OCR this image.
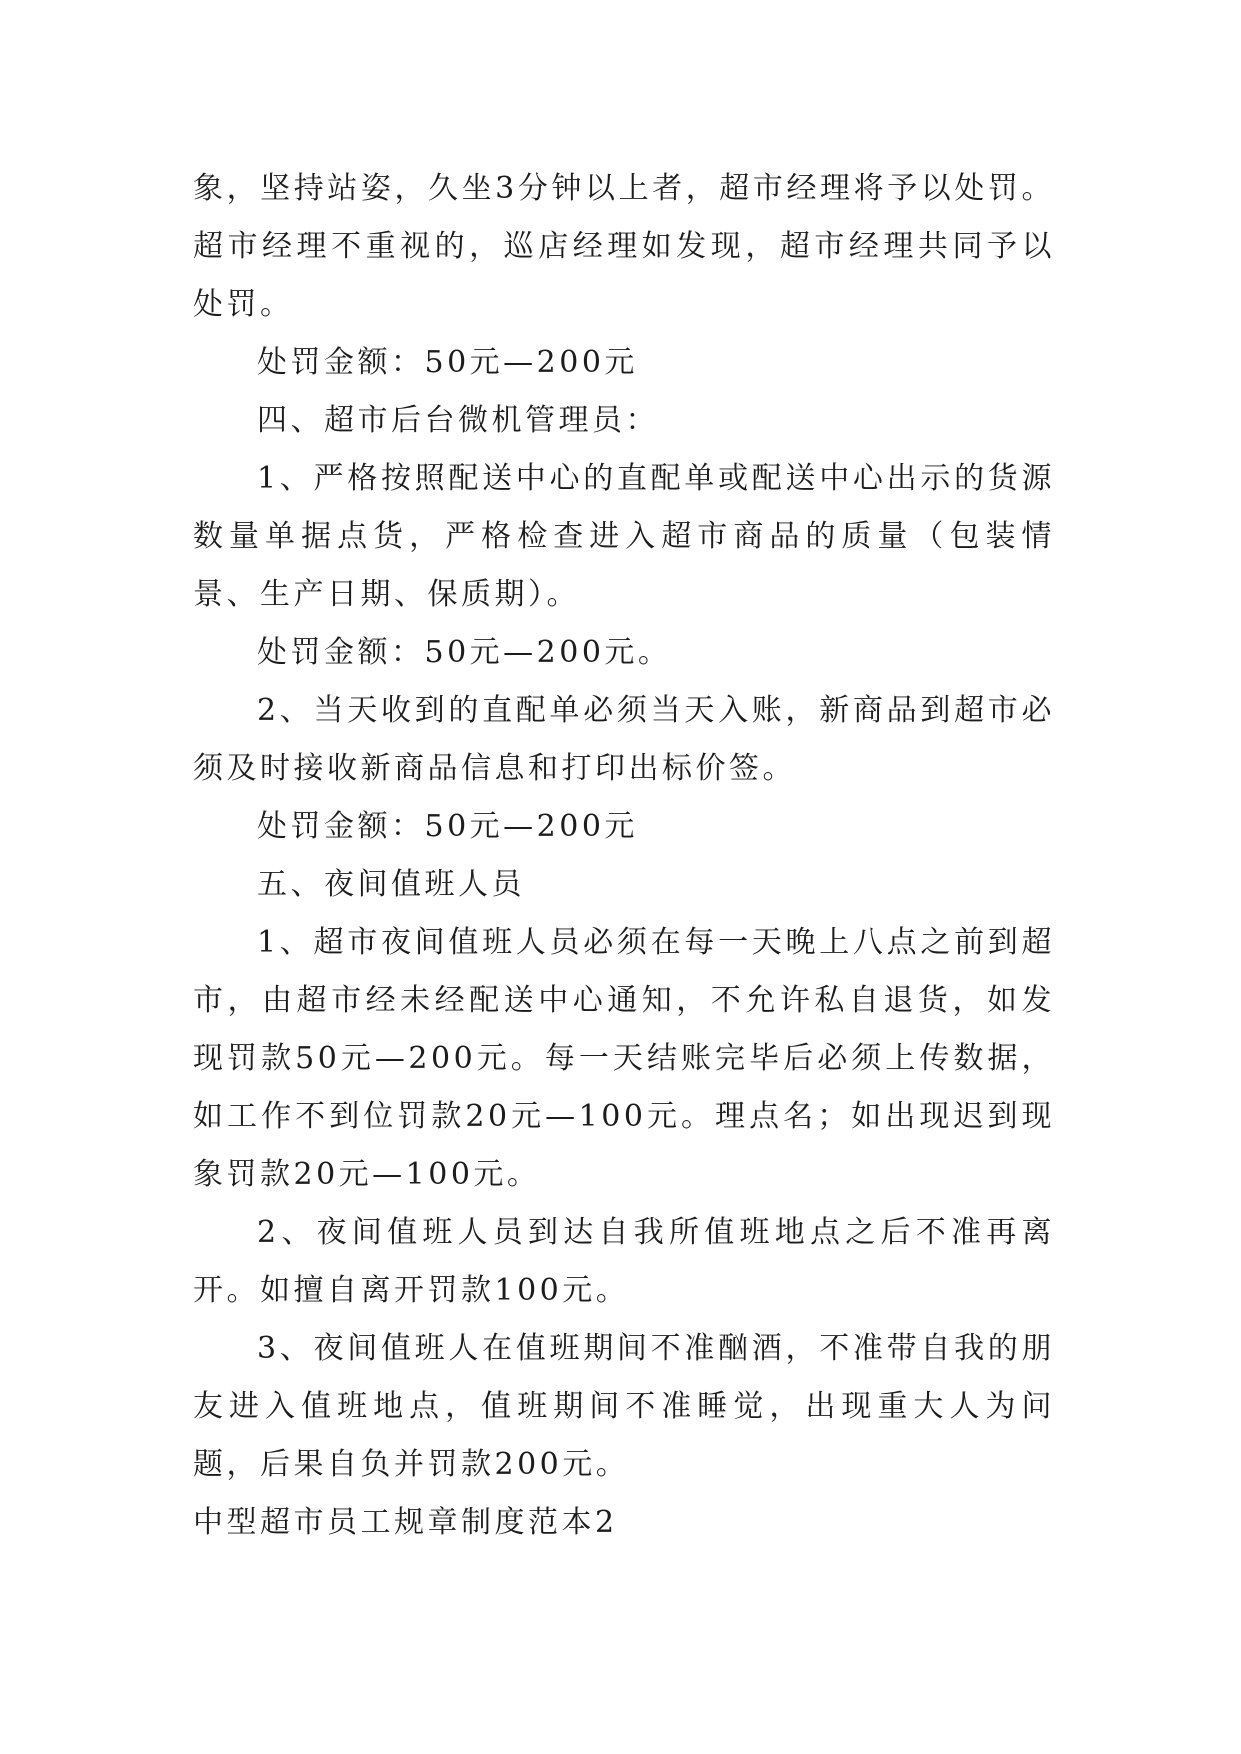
象，坚持站姿，久坐3分钟以上者，超市经理将予以处罚。超市经理不重视的，巡店经理如发现，超市经理共同予以处罚。

处罚金额：50元—200元

四、超市后台微机管理员：

1、严格按照配送中心的直配单或配送中心出示的货源数量单据点货，严格检查进入超市商品的质量（包装情景、生产日期、保质期）。

处罚金额：50元—200元。

2、当天收到的直配单必须当天入账，新商品到超市必须及时接收新商品信息和打印出标价签。

处罚金额：50元—200元

五、夜间值班人员

1、超市夜间值班人员必须在每一天晚上八点之前到超市，由超市经未经配送中心通知，不允许私自退货，如发现罚款50元—200元。每一天结账完毕后必须上传数据，如工作不到位罚款20元—100元。理点名；如出现迟到现象罚款20元—100元。

2、夜间值班人员到达自我所值班地点之后不准再离开。如擅自离开罚款100元。

3、夜间值班人在值班期间不准酗酒，不准带自我的朋友进入值班地点，值班期间不准睡觉，出现重大人为问题，后果自负并罚款200元。

中型超市员工规章制度范本2
